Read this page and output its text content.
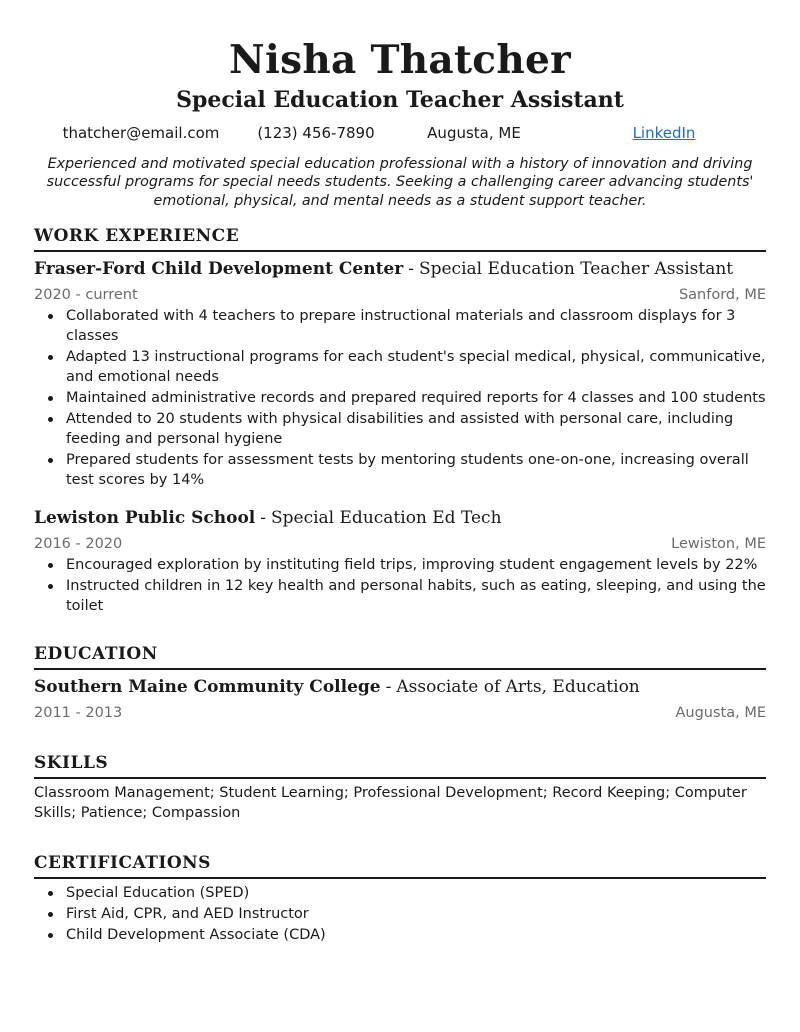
Nisha Thatcher
Special Education Teacher Assistant
thatcher@email.com	(123) 456-7890	Augusta, ME	LinkedIn
Experienced and motivated special education professional with a history of innovation and driving successful programs for special needs students. Seeking a challenging career advancing students' emotional, physical, and mental needs as a student support teacher.
WORK EXPERIENCE
Fraser-Ford Child Development Center - Special Education Teacher Assistant
2020 - current	Sanford, ME
Collaborated with 4 teachers to prepare instructional materials and classroom displays for 3 classes
Adapted 13 instructional programs for each student's special medical, physical, communicative, and emotional needs
Maintained administrative records and prepared required reports for 4 classes and 100 students
Attended to 20 students with physical disabilities and assisted with personal care, including feeding and personal hygiene
Prepared students for assessment tests by mentoring students one-on-one, increasing overall test scores by 14%
Lewiston Public School - Special Education Ed Tech
2016 - 2020	Lewiston, ME
Encouraged exploration by instituting field trips, improving student engagement levels by 22%
Instructed children in 12 key health and personal habits, such as eating, sleeping, and using the toilet
EDUCATION
Southern Maine Community College - Associate of Arts, Education
2011 - 2013	Augusta, ME
SKILLS
Classroom Management; Student Learning; Professional Development; Record Keeping; Computer Skills; Patience; Compassion
CERTIFICATIONS
Special Education (SPED)
First Aid, CPR, and AED Instructor
Child Development Associate (CDA)
